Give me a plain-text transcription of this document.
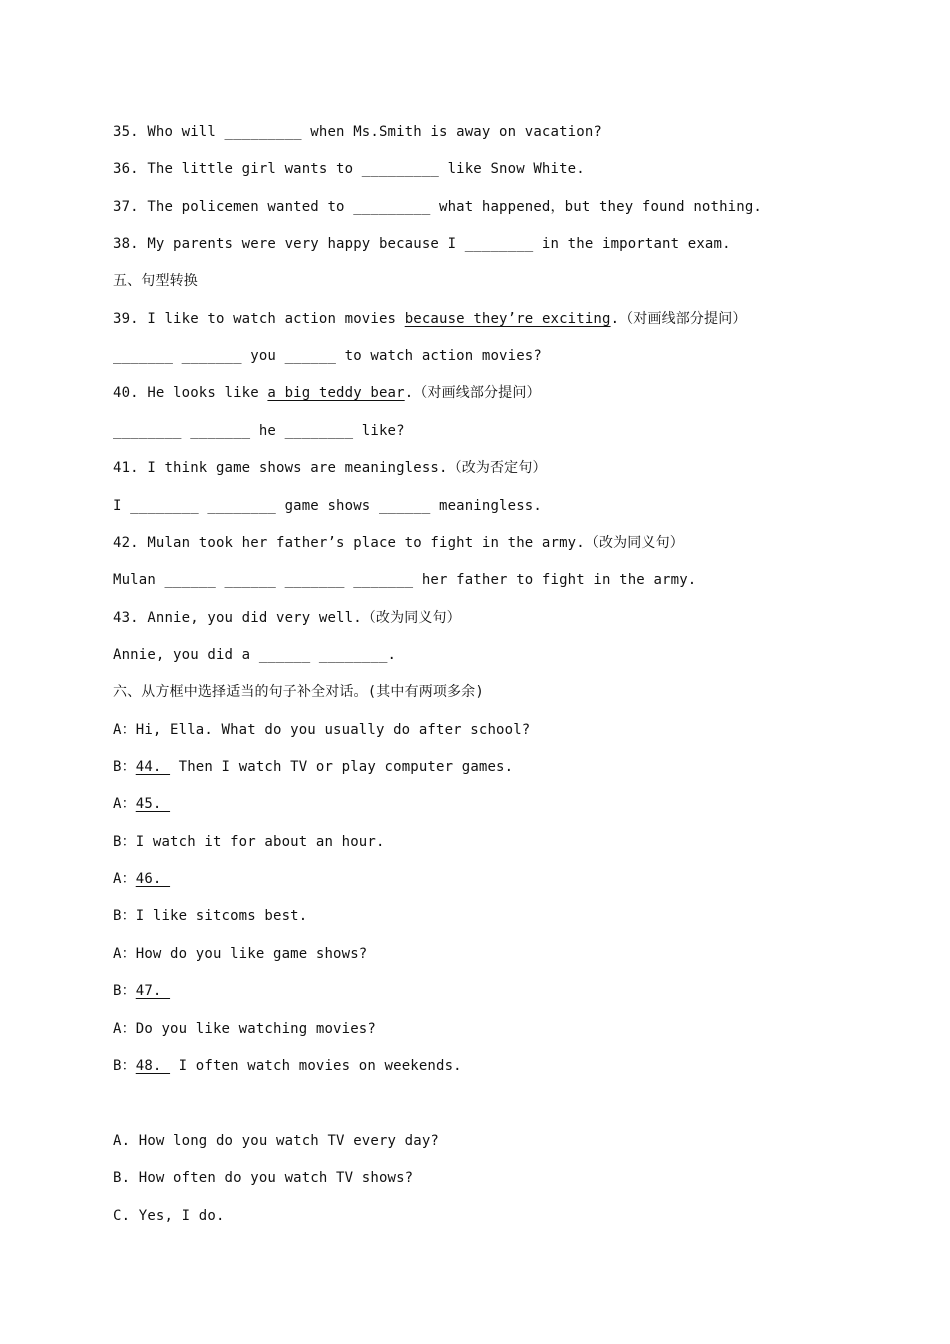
35. Who will _________ when Ms.Smith is away on vacation?
36. The little girl wants to _________ like Snow White.
37. The policemen wanted to _________ what happened，but they found nothing.
38. My parents were very happy because I ________ in the important exam.
五、句型转换
39. I like to watch action movies because they’re exciting.（对画线部分提问）
_______ _______ you ______ to watch action movies?
40. He looks like a big teddy bear.（对画线部分提问）
________ _______ he ________ like?
41. I think game shows are meaningless.（改为否定句）
I ________ ________ game shows ______ meaningless.
42. Mulan took her father’s place to fight in the army.（改为同义句）
Mulan ______ ______ _______ _______ her father to fight in the army.
43. Annie, you did very well.（改为同义句）
Annie, you did a ______ ________.
六、从方框中选择适当的句子补全对话。(其中有两项多余)
A：Hi, Ella. What do you usually do after school?
B：44.  Then I watch TV or play computer games.
A：45.
B：I watch it for about an hour.
A：46.
B：I like sitcoms best.
A：How do you like game shows?
B：47.
A：Do you like watching movies?
B：48.  I often watch movies on weekends.
A. How long do you watch TV every day?
B. How often do you watch TV shows?
C. Yes, I do.
